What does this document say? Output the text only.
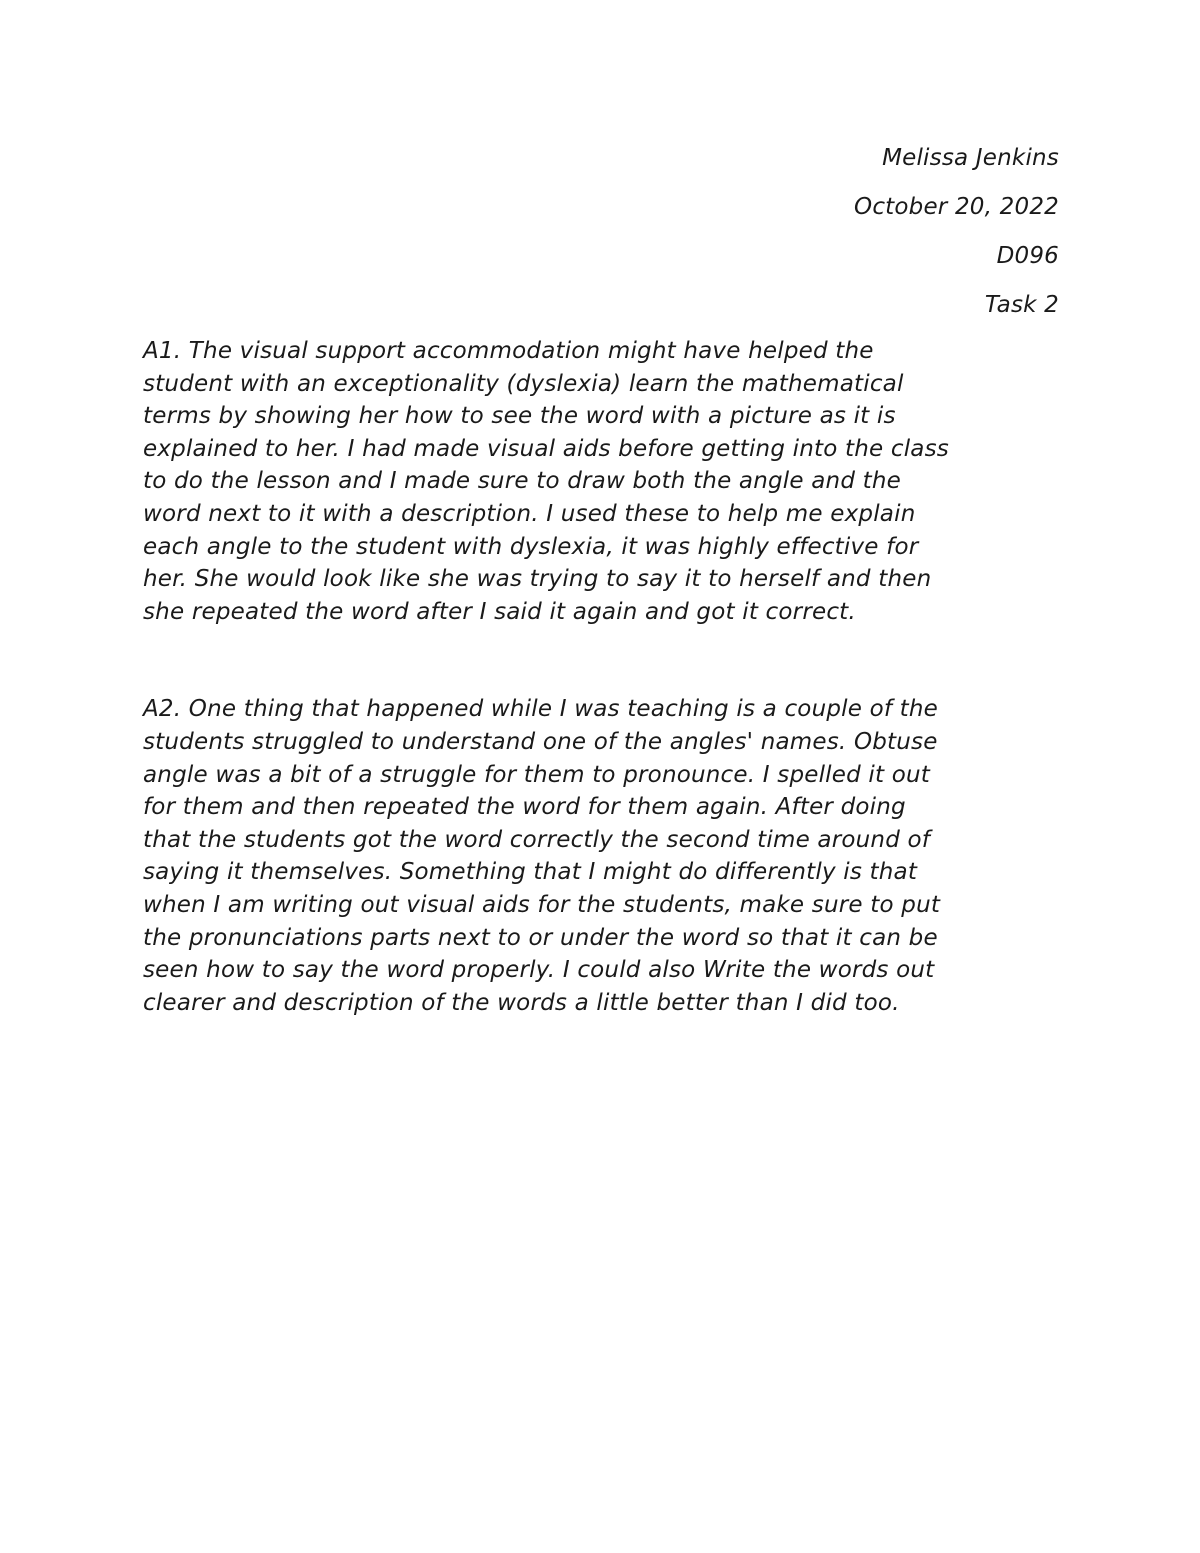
Melissa Jenkins
October 20, 2022
D096
Task 2
A1. The visual support accommodation might have helped the
student with an exceptionality (dyslexia) learn the mathematical
terms by showing her how to see the word with a picture as it is
explained to her. I had made visual aids before getting into the class
to do the lesson and I made sure to draw both the angle and the
word next to it with a description. I used these to help me explain
each angle to the student with dyslexia, it was highly effective for
her. She would look like she was trying to say it to herself and then
she repeated the word after I said it again and got it correct.
A2. One thing that happened while I was teaching is a couple of the
students struggled to understand one of the angles' names. Obtuse
angle was a bit of a struggle for them to pronounce. I spelled it out
for them and then repeated the word for them again. After doing
that the students got the word correctly the second time around of
saying it themselves. Something that I might do differently is that
when I am writing out visual aids for the students, make sure to put
the pronunciations parts next to or under the word so that it can be
seen how to say the word properly. I could also Write the words out
clearer and description of the words a little better than I did too.
